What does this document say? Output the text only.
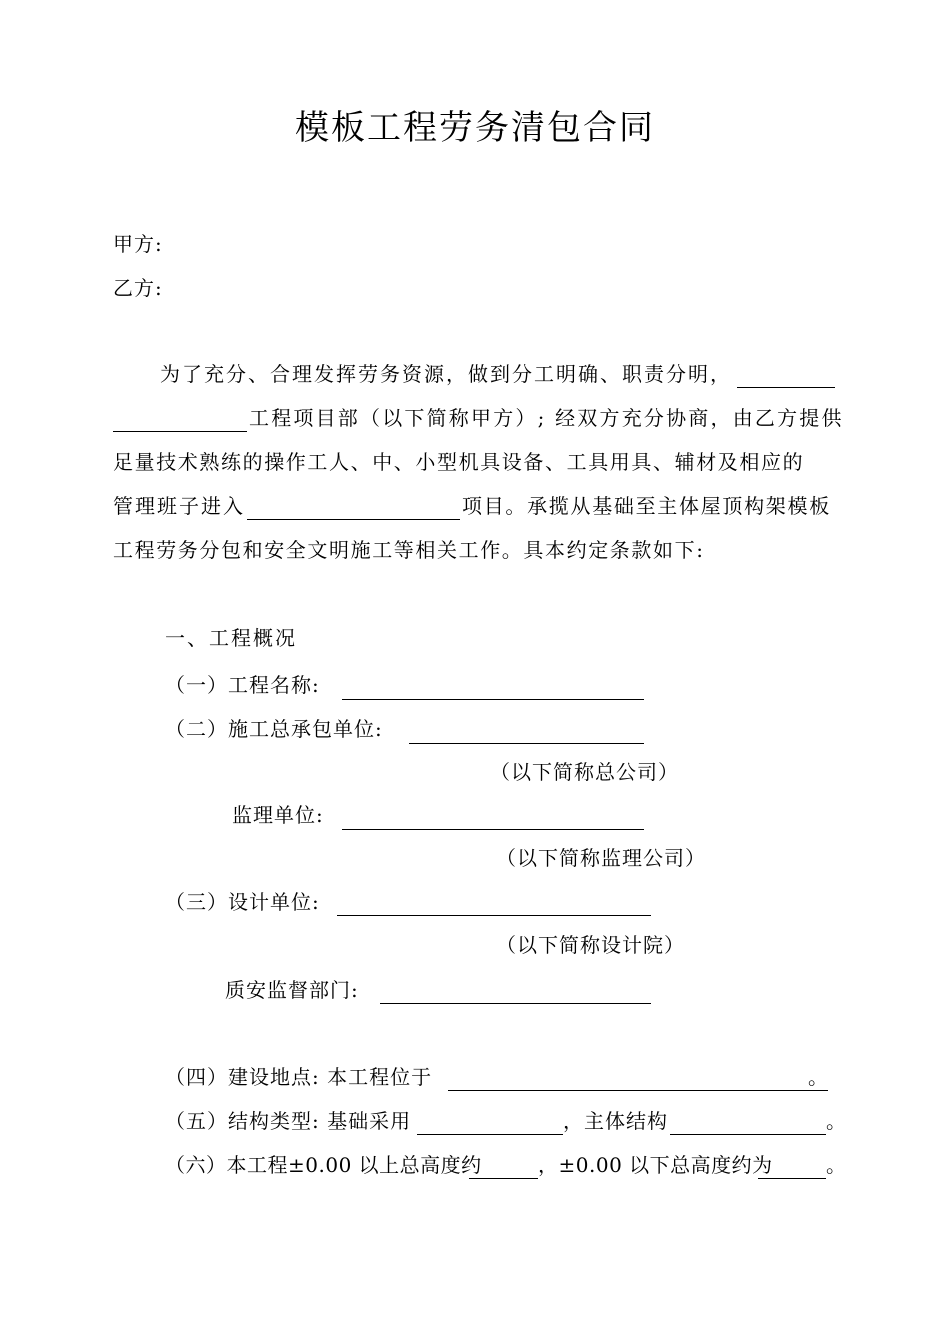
模板工程劳务清包合同
甲方:
乙方:
为了充分、合理发挥劳务资源，做到分工明确、职责分明，
工程项目部（以下简称甲方）; 经双方充分协商，由乙方提供
足量技术熟练的操作工人、中、小型机具设备、工具用具、辅材及相应的
管理班子进入	项目。承揽从基础至主体屋顶构架模板
工程劳务分包和安全文明施工等相关工作。具本约定条款如下:
一、工程概况
（一）工程名称:
（二）施工总承包单位:
（以下简称总公司）
监理单位:
（以下简称监理公司）
（三）设计单位:
（以下简称设计院）
质安监督部门:
（四）建设地点: 本工程位于	。
（五）结构类型: 基础采用	，主体结构	。
（六）本工程±0.00 以上总高度约	，±0.00 以下总高度约为	。
